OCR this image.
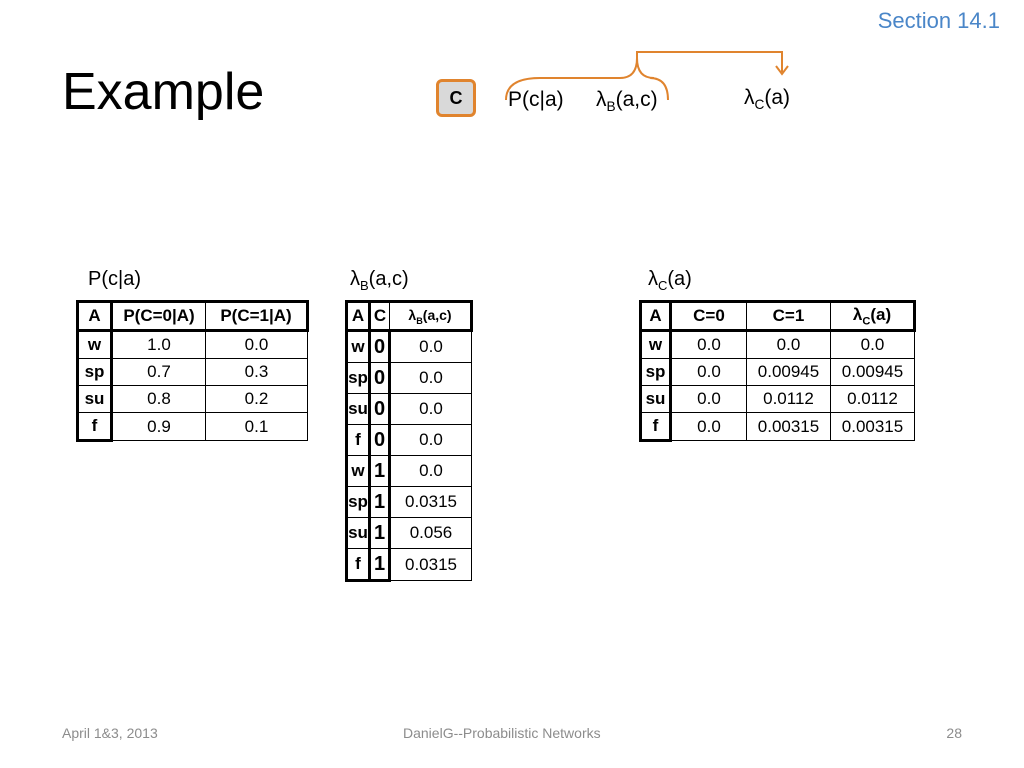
Section 14.1
Example	C	P(c|a) $\lambda_B(a,c)$	$\lambda_C(a)$
P(c|a)	$\lambda_B(a,c)$	$\lambda_C(a)$
A	P(C=0|A)	P(C=1|A)
w	1.0	0.0
sp	0.7	0.3
su	0.8	0.2
f	0.9	0.1
A	C	$\lambda_B(a,c)$
w	0	0.0
sp	0	0.0
su	0	0.0
f	0	0.0
w	1	0.0
sp	1	0.0315
su	1	0.056
f	1	0.0315
A	C=0	C=1	$\lambda_C(a)$
w	0.0	0.0	0.0
sp	0.0	0.00945	0.00945
su	0.0	0.0112	0.0112
f	0.0	0.00315	0.00315
April 1&3, 2013	DanielG--Probabilistic Networks	28
